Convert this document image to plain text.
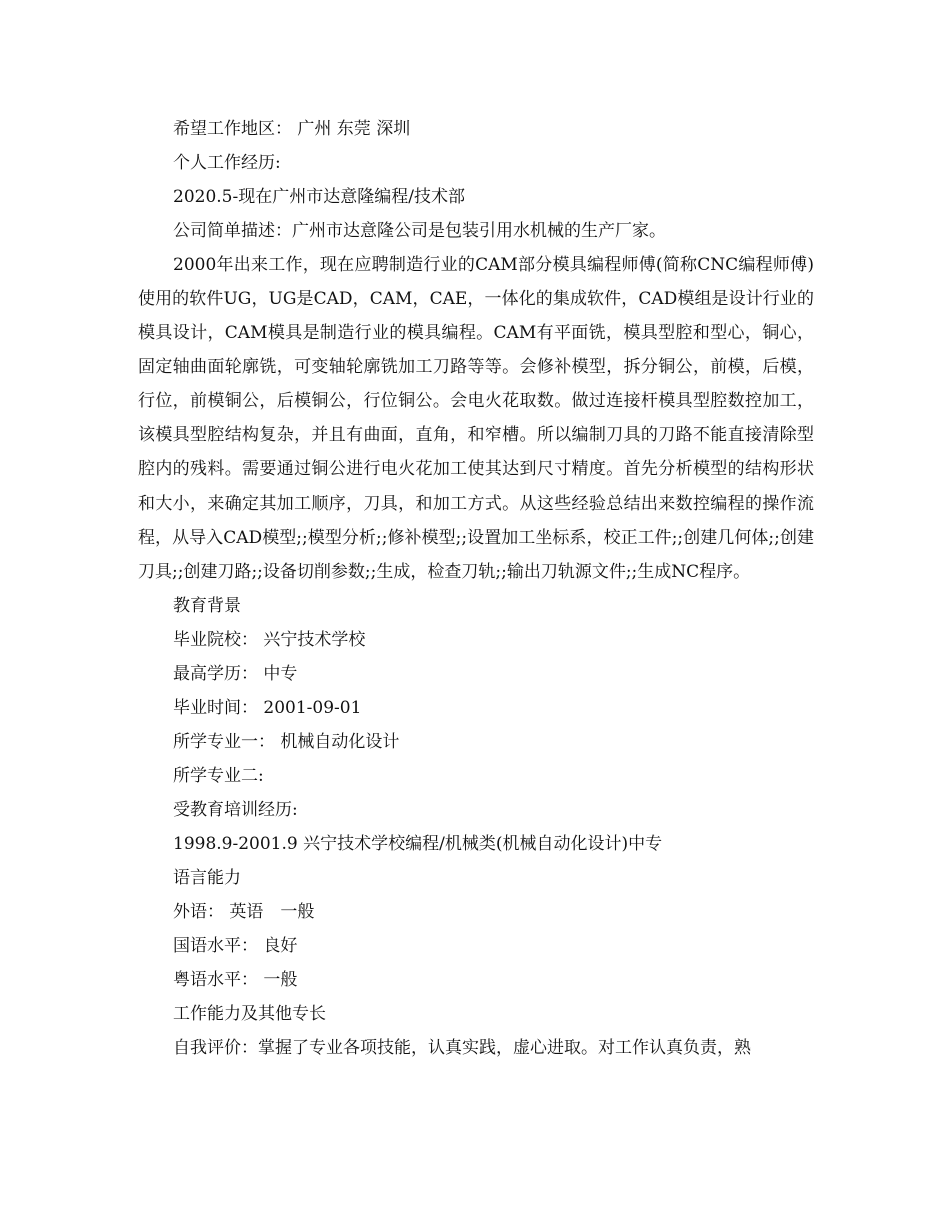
希望工作地区： 广州 东莞 深圳
个人工作经历:
2020.5-现在广州市达意隆编程/技术部
公司简单描述：广州市达意隆公司是包装引用水机械的生产厂家。
2000年出来工作，现在应聘制造行业的CAM部分模具编程师傅(简称CNC编程师傅)使用的软件UG，UG是CAD，CAM，CAE，一体化的集成软件，CAD模组是设计行业的模具设计，CAM模具是制造行业的模具编程。CAM有平面铣，模具型腔和型心，铜心，固定轴曲面轮廓铣，可变轴轮廓铣加工刀路等等。会修补模型，拆分铜公，前模，后模，行位，前模铜公，后模铜公，行位铜公。会电火花取数。做过连接杆模具型腔数控加工，该模具型腔结构复杂，并且有曲面，直角，和窄槽。所以编制刀具的刀路不能直接清除型腔内的残料。需要通过铜公进行电火花加工使其达到尺寸精度。首先分析模型的结构形状和大小，来确定其加工顺序，刀具，和加工方式。从这些经验总结出来数控编程的操作流程，从导入CAD模型;;模型分析;;修补模型;;设置加工坐标系，校正工件;;创建几何体;;创建刀具;;创建刀路;;设备切削参数;;生成，检查刀轨;;输出刀轨源文件;;生成NC程序。
教育背景
毕业院校： 兴宁技术学校
最高学历： 中专
毕业时间： 2001-09-01
所学专业一： 机械自动化设计
所学专业二:
受教育培训经历:
1998.9-2001.9 兴宁技术学校编程/机械类(机械自动化设计)中专
语言能力
外语： 英语　一般
国语水平： 良好
粤语水平： 一般
工作能力及其他专长
自我评价：掌握了专业各项技能，认真实践，虚心进取。对工作认真负责，熟
